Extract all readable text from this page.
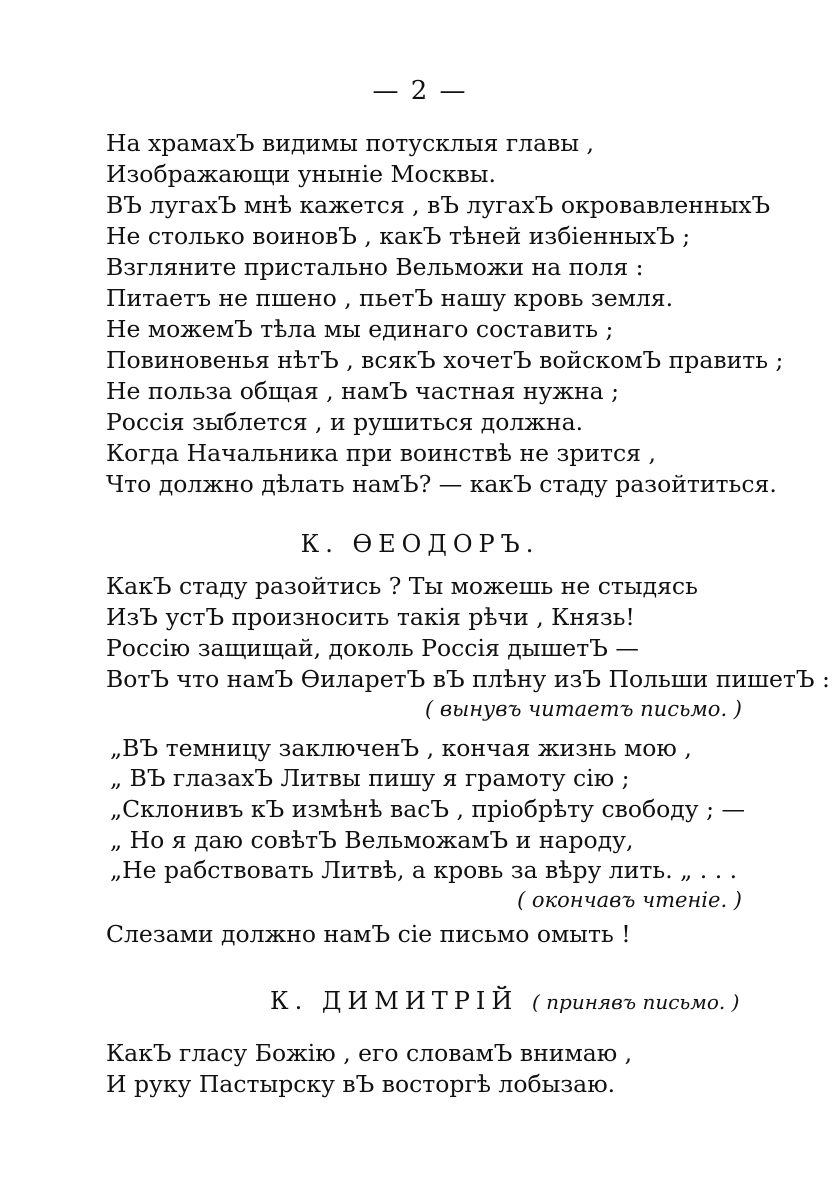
— 2 —
На храмахЪ видимы потусклыя главы ,
Изображающи уныніе Москвы.
ВЪ лугахЪ мнѣ кажется , вЪ лугахЪ окровавленныхЪ
Не столько воиновЪ , какЪ тѣней избіенныхЪ ;
Взгляните пристально Вельможи на поля :
Питаетъ не пшено , пьетЪ нашу кровь земля.
Не можемЪ тѣла мы единаго составить ;
Повиновенья нѣтЪ , всякЪ хочетЪ войскомЪ править ;
Не польза общая , намЪ частная нужна ;
Россія зыблется , и рушиться должна.
Когда Начальника при воинствѣ не зрится ,
Что должно дѣлать намЪ? — какЪ стаду разойтиться.
К. ѲЕОДОРЪ.
КакЪ стаду разойтись ? Ты можешь не стыдясь
ИзЪ устЪ произносить такія рѣчи , Князь!
Россію защищай, доколь Россія дышетЪ —
ВотЪ что намЪ ѲиларетЪ вЪ плѣну изЪ Польши пишетЪ :
( вынувъ читаетъ письмо. )
„ВЪ темницу заключенЪ , кончая жизнь мою ,
„ ВЪ глазахЪ Литвы пишу я грамоту сію ;
„Склонивъ кЪ измѣнѣ васЪ , пріобрѣту свободу ; —
„ Но я даю совѣтЪ ВельможамЪ и народу,
„Не рабствовать Литвѣ, а кровь за вѣру лить. „ . . .
( окончавъ чтеніе. )
Слезами должно намЪ сіе письмо омыть !
К. ДИМИТРІЙ ( принявъ письмо. )
КакЪ гласу Божію , его словамЪ внимаю ,
И руку Пастырску вЪ восторгѣ лобызаю.
